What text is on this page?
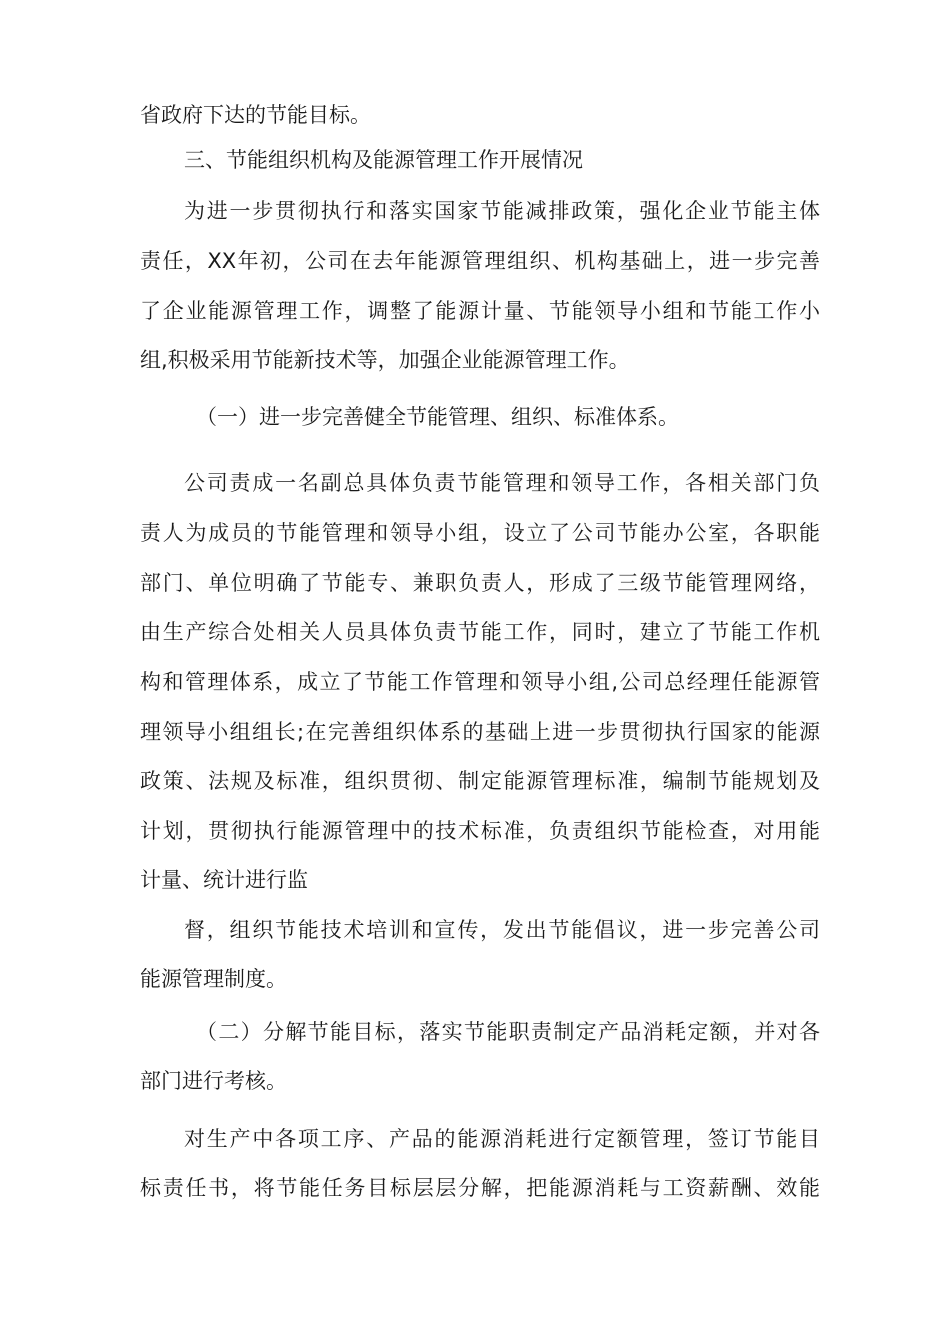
省政府下达的节能目标。
三、节能组织机构及能源管理工作开展情况
为进一步贯彻执行和落实国家节能减排政策，强化企业节能主体
责任，XX年初，公司在去年能源管理组织、机构基础上，进一步完善
了企业能源管理工作，调整了能源计量、节能领导小组和节能工作小
组,积极采用节能新技术等，加强企业能源管理工作。
（一）进一步完善健全节能管理、组织、标准体系。
公司责成一名副总具体负责节能管理和领导工作，各相关部门负
责人为成员的节能管理和领导小组，设立了公司节能办公室，各职能
部门、单位明确了节能专、兼职负责人，形成了三级节能管理网络，
由生产综合处相关人员具体负责节能工作，同时，建立了节能工作机
构和管理体系，成立了节能工作管理和领导小组,公司总经理任能源管
理领导小组组长;在完善组织体系的基础上进一步贯彻执行国家的能源
政策、法规及标准，组织贯彻、制定能源管理标准，编制节能规划及
计划，贯彻执行能源管理中的技术标准，负责组织节能检查，对用能
计量、统计进行监
督，组织节能技术培训和宣传，发出节能倡议，进一步完善公司
能源管理制度。
（二）分解节能目标，落实节能职责制定产品消耗定额，并对各
部门进行考核。
对生产中各项工序、产品的能源消耗进行定额管理，签订节能目
标责任书，将节能任务目标层层分解，把能源消耗与工资薪酬、效能
